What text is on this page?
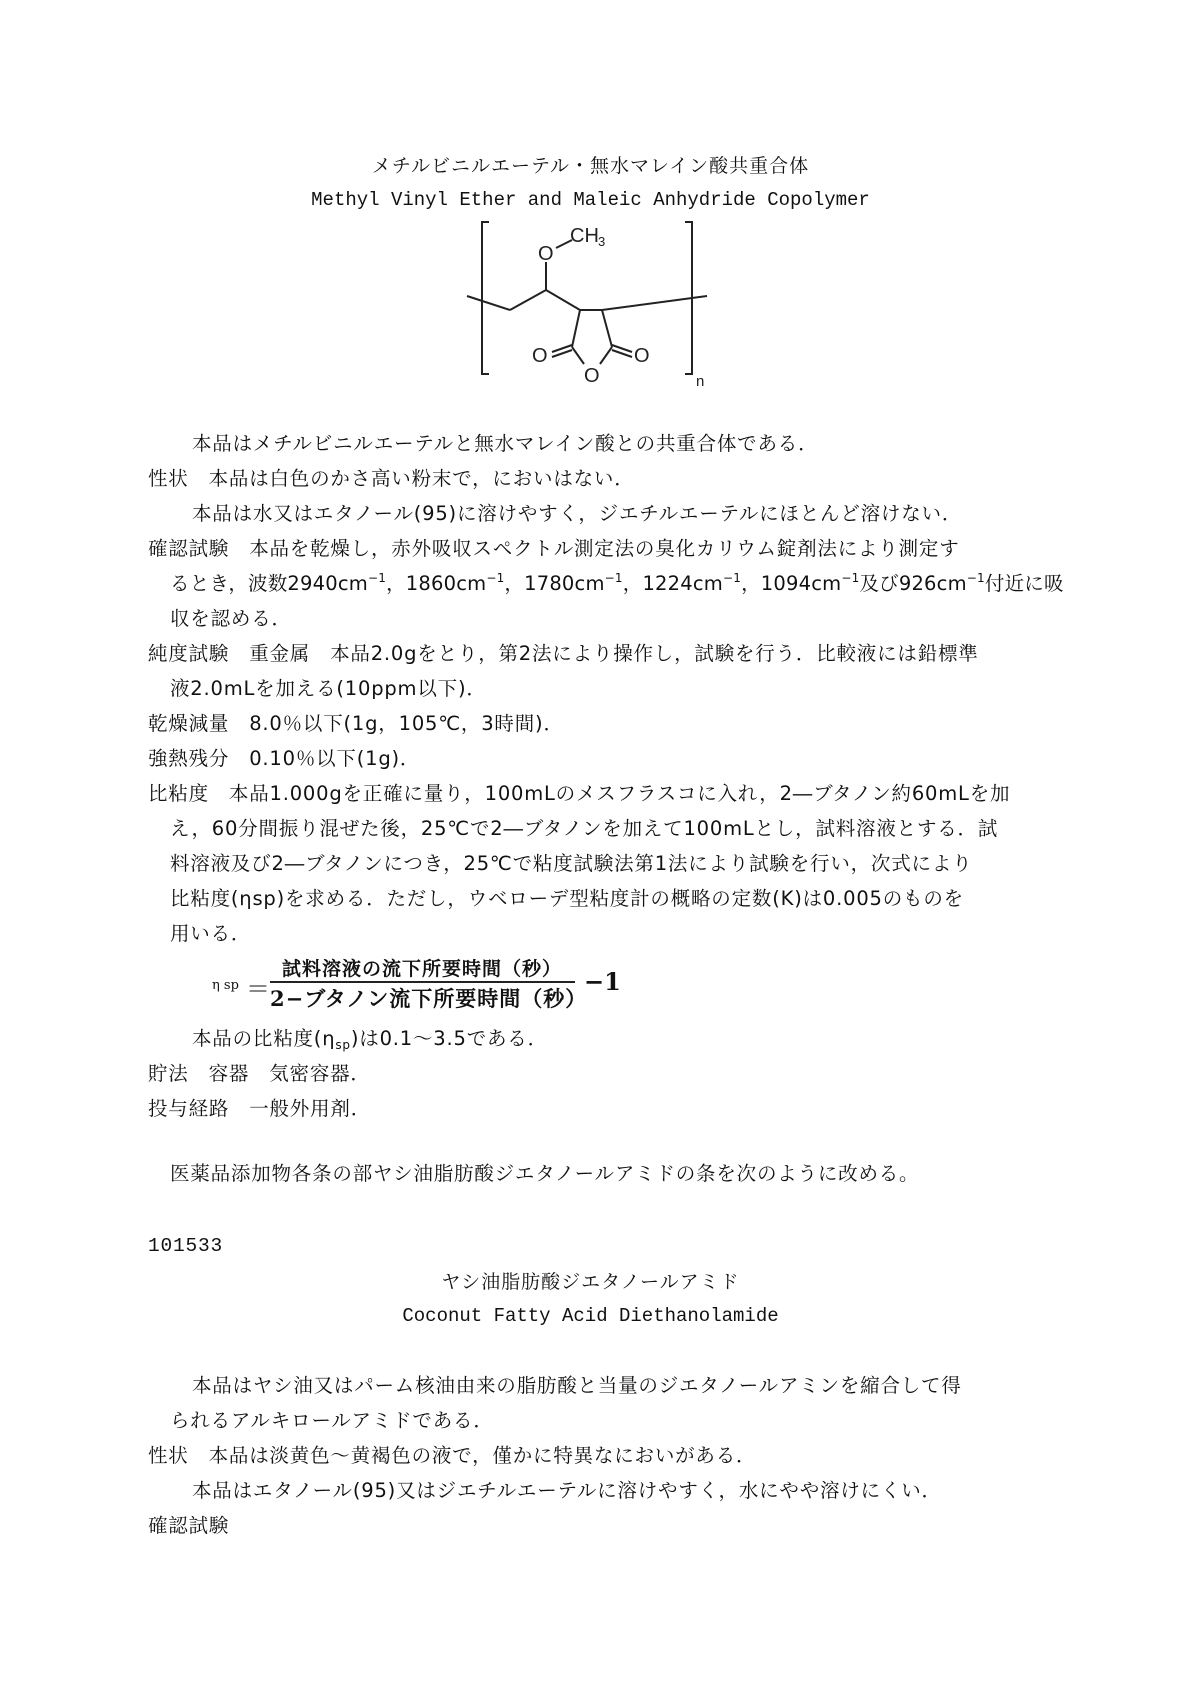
メチルビニルエーテル・無水マレイン酸共重合体
Methyl Vinyl Ether and Maleic Anhydride Copolymer
O
CH 3
O
O
O
n
本品はメチルビニルエーテルと無水マレイン酸との共重合体である．
性状 本品は白色のかさ高い粉末で，においはない．
本品は水又はエタノール(95)に溶けやすく，ジエチルエーテルにほとんど溶けない．
確認試験 本品を乾燥し，赤外吸収スペクトル測定法の臭化カリウム錠剤法により測定す
るとき，波数$2940cm^{-1}$，$1860cm^{-1}$，$1780cm^{-1}$，$1224cm^{-1}$，$1094cm^{-1}$及び$926cm^{-1}$付近に吸
収を認める．
純度試験 重金属 本品2.0gをとり，第2法により操作し，試験を行う．比較液には鉛標準
液2.0mLを加える(10ppm以下)．
乾燥減量 8.0％以下(1g，105℃，3時間)．
強熱残分 0.10％以下(1g)．
比粘度 本品1.000gを正確に量り，100mLのメスフラスコに入れ，2―ブタノン約60mLを加
え，60分間振り混ぜた後，25℃で2―ブタノンを加えて100mLとし，試料溶液とする．試
料溶液及び2―ブタノンにつき，25℃で粘度試験法第1法により試験を行い，次式により
比粘度(ηsp)を求める．ただし，ウベローデ型粘度計の概略の定数(K)は0.005のものを
用いる．
η sp ＝
試料溶液の流下所要時間（秒）
2−ブタノン流下所要時間（秒）
−1
本品の比粘度$(\eta_{sp})$は0.1～3.5である．
貯法 容器 気密容器．
投与経路 一般外用剤．
医薬品添加物各条の部ヤシ油脂肪酸ジエタノールアミドの条を次のように改める。
101533
ヤシ油脂肪酸ジエタノールアミド
Coconut Fatty Acid Diethanolamide
本品はヤシ油又はパーム核油由来の脂肪酸と当量のジエタノールアミンを縮合して得
られるアルキロールアミドである．
性状 本品は淡黄色～黄褐色の液で，僅かに特異なにおいがある．
本品はエタノール(95)又はジエチルエーテルに溶けやすく，水にやや溶けにくい．
確認試験
